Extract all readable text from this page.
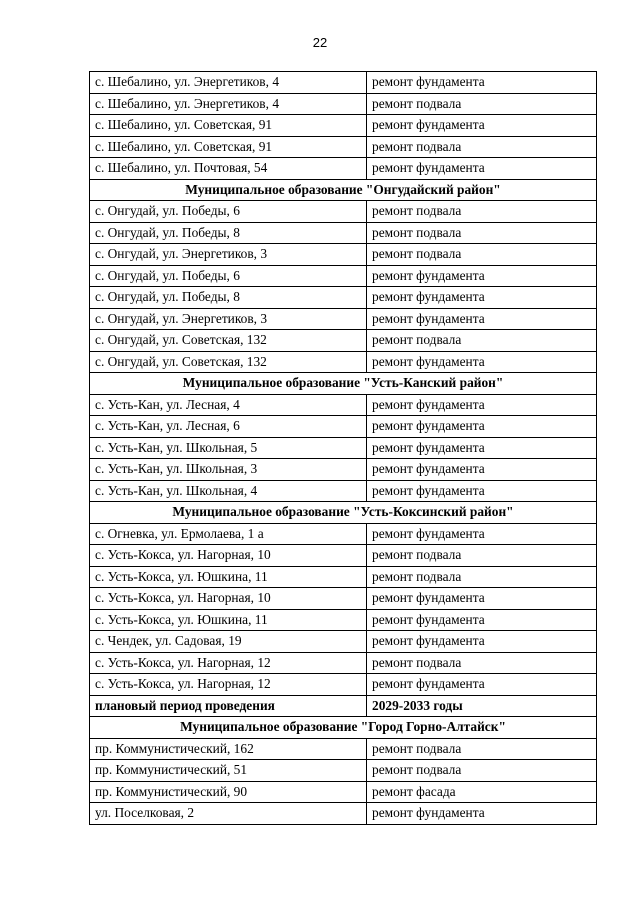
22
с. Шебалино, ул. Энергетиков, 4	ремонт фундамента
с. Шебалино, ул. Энергетиков, 4	ремонт подвала
с. Шебалино, ул. Советская, 91	ремонт фундамента
с. Шебалино, ул. Советская, 91	ремонт подвала
с. Шебалино, ул. Почтовая, 54	ремонт фундамента
Муниципальное образование "Онгудайский район"	
с. Онгудай, ул. Победы, 6	ремонт подвала
с. Онгудай, ул. Победы, 8	ремонт подвала
с. Онгудай, ул. Энергетиков, 3	ремонт подвала
с. Онгудай, ул. Победы, 6	ремонт фундамента
с. Онгудай, ул. Победы, 8	ремонт фундамента
с. Онгудай, ул. Энергетиков, 3	ремонт фундамента
с. Онгудай, ул. Советская, 132	ремонт подвала
с. Онгудай, ул. Советская, 132	ремонт фундамента
Муниципальное образование "Усть-Канский район"	
с. Усть-Кан, ул. Лесная, 4	ремонт фундамента
с. Усть-Кан, ул. Лесная, 6	ремонт фундамента
с. Усть-Кан, ул. Школьная, 5	ремонт фундамента
с. Усть-Кан, ул. Школьная, 3	ремонт фундамента
с. Усть-Кан, ул. Школьная, 4	ремонт фундамента
Муниципальное образование "Усть-Коксинский район"	
с. Огневка, ул. Ермолаева, 1 а	ремонт фундамента
с. Усть-Кокса, ул. Нагорная, 10	ремонт подвала
с. Усть-Кокса, ул. Юшкина, 11	ремонт подвала
с. Усть-Кокса, ул. Нагорная, 10	ремонт фундамента
с. Усть-Кокса, ул. Юшкина, 11	ремонт фундамента
с. Чендек, ул. Садовая, 19	ремонт фундамента
с. Усть-Кокса, ул. Нагорная, 12	ремонт подвала
с. Усть-Кокса, ул. Нагорная, 12	ремонт фундамента
плановый период проведения	2029-2033 годы
Муниципальное образование "Город Горно-Алтайск"	
пр. Коммунистический, 162	ремонт подвала
пр. Коммунистический, 51	ремонт подвала
пр. Коммунистический, 90	ремонт фасада
ул. Поселковая, 2	ремонт фундамента
